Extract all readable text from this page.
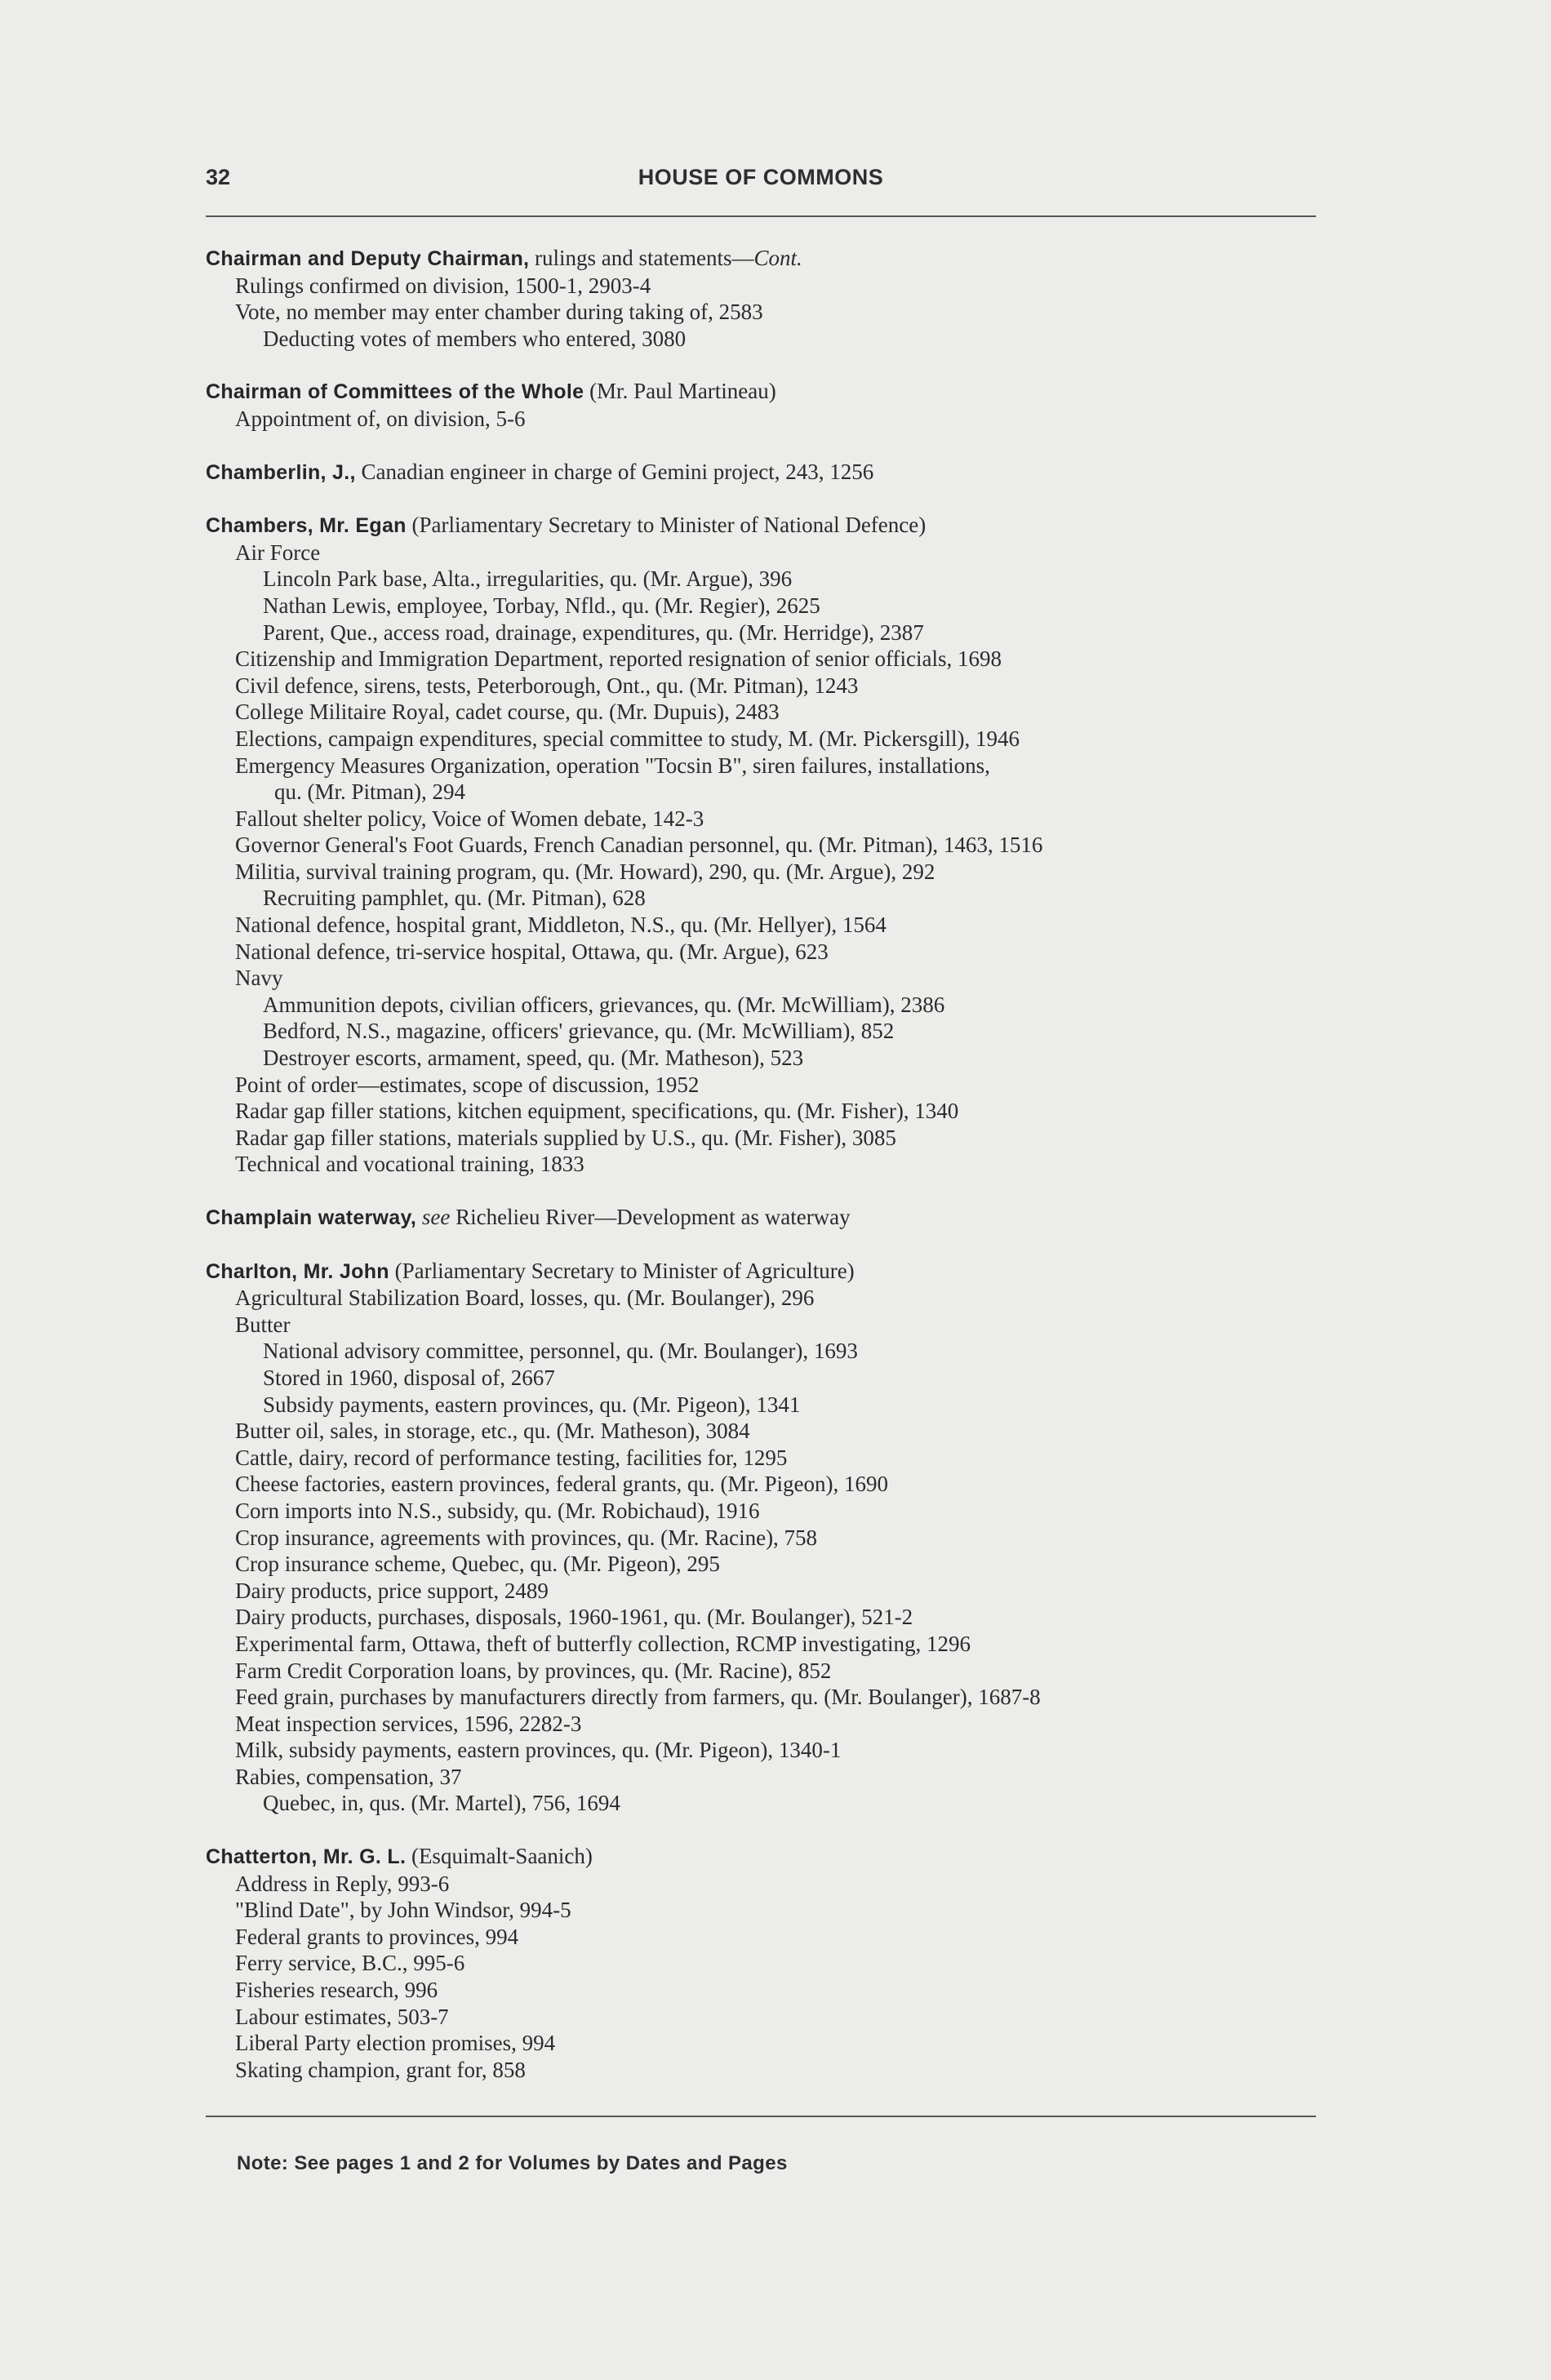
32	HOUSE OF COMMONS
Chairman and Deputy Chairman, rulings and statements—Cont.
Rulings confirmed on division, 1500-1, 2903-4
Vote, no member may enter chamber during taking of, 2583
Deducting votes of members who entered, 3080
Chairman of Committees of the Whole (Mr. Paul Martineau)
Appointment of, on division, 5-6
Chamberlin, J., Canadian engineer in charge of Gemini project, 243, 1256
Chambers, Mr. Egan (Parliamentary Secretary to Minister of National Defence)
Air Force
Lincoln Park base, Alta., irregularities, qu. (Mr. Argue), 396
Nathan Lewis, employee, Torbay, Nfld., qu. (Mr. Regier), 2625
Parent, Que., access road, drainage, expenditures, qu. (Mr. Herridge), 2387
Citizenship and Immigration Department, reported resignation of senior officials, 1698
Civil defence, sirens, tests, Peterborough, Ont., qu. (Mr. Pitman), 1243
College Militaire Royal, cadet course, qu. (Mr. Dupuis), 2483
Elections, campaign expenditures, special committee to study, M. (Mr. Pickersgill), 1946
Emergency Measures Organization, operation "Tocsin B", siren failures, installations,
qu. (Mr. Pitman), 294
Fallout shelter policy, Voice of Women debate, 142-3
Governor General's Foot Guards, French Canadian personnel, qu. (Mr. Pitman), 1463, 1516
Militia, survival training program, qu. (Mr. Howard), 290, qu. (Mr. Argue), 292
Recruiting pamphlet, qu. (Mr. Pitman), 628
National defence, hospital grant, Middleton, N.S., qu. (Mr. Hellyer), 1564
National defence, tri-service hospital, Ottawa, qu. (Mr. Argue), 623
Navy
Ammunition depots, civilian officers, grievances, qu. (Mr. McWilliam), 2386
Bedford, N.S., magazine, officers' grievance, qu. (Mr. McWilliam), 852
Destroyer escorts, armament, speed, qu. (Mr. Matheson), 523
Point of order—estimates, scope of discussion, 1952
Radar gap filler stations, kitchen equipment, specifications, qu. (Mr. Fisher), 1340
Radar gap filler stations, materials supplied by U.S., qu. (Mr. Fisher), 3085
Technical and vocational training, 1833
Champlain waterway, see Richelieu River—Development as waterway
Charlton, Mr. John (Parliamentary Secretary to Minister of Agriculture)
Agricultural Stabilization Board, losses, qu. (Mr. Boulanger), 296
Butter
National advisory committee, personnel, qu. (Mr. Boulanger), 1693
Stored in 1960, disposal of, 2667
Subsidy payments, eastern provinces, qu. (Mr. Pigeon), 1341
Butter oil, sales, in storage, etc., qu. (Mr. Matheson), 3084
Cattle, dairy, record of performance testing, facilities for, 1295
Cheese factories, eastern provinces, federal grants, qu. (Mr. Pigeon), 1690
Corn imports into N.S., subsidy, qu. (Mr. Robichaud), 1916
Crop insurance, agreements with provinces, qu. (Mr. Racine), 758
Crop insurance scheme, Quebec, qu. (Mr. Pigeon), 295
Dairy products, price support, 2489
Dairy products, purchases, disposals, 1960-1961, qu. (Mr. Boulanger), 521-2
Experimental farm, Ottawa, theft of butterfly collection, RCMP investigating, 1296
Farm Credit Corporation loans, by provinces, qu. (Mr. Racine), 852
Feed grain, purchases by manufacturers directly from farmers, qu. (Mr. Boulanger), 1687-8
Meat inspection services, 1596, 2282-3
Milk, subsidy payments, eastern provinces, qu. (Mr. Pigeon), 1340-1
Rabies, compensation, 37
Quebec, in, qus. (Mr. Martel), 756, 1694
Chatterton, Mr. G. L. (Esquimalt-Saanich)
Address in Reply, 993-6
"Blind Date", by John Windsor, 994-5
Federal grants to provinces, 994
Ferry service, B.C., 995-6
Fisheries research, 996
Labour estimates, 503-7
Liberal Party election promises, 994
Skating champion, grant for, 858
Note: See pages 1 and 2 for Volumes by Dates and Pages
